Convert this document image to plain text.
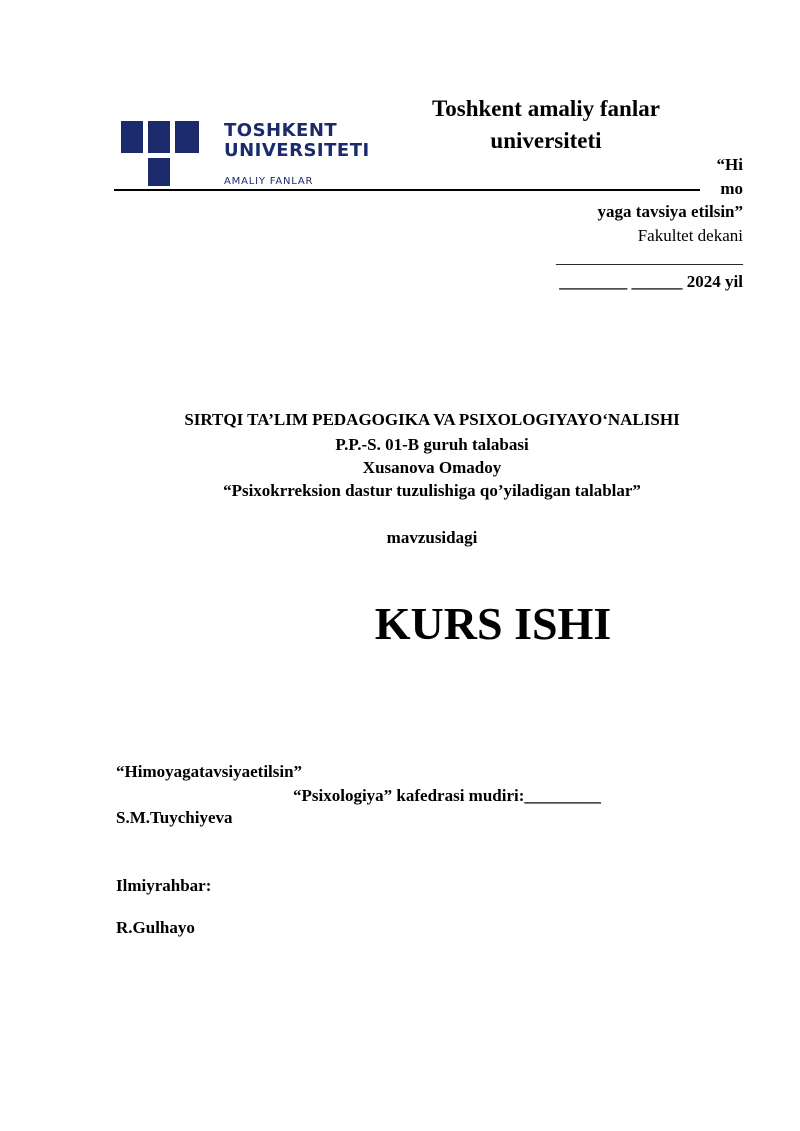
TOSHKENT
UNIVERSITETI
AMALIY FANLAR
Toshkent amaliy fanlar
universiteti
“Hi
mo
yaga tavsiya etilsin”
Fakultet dekani
______________________
________ ______ 2024 yil
SIRTQI TA’LIM PEDAGOGIKA VA PSIXOLOGIYAYO‘NALISHI
P.P.-S. 01-B guruh talabasi
Xusanova Omadoy
“Psixokrreksion dastur tuzulishiga qo’yiladigan talablar”
mavzusidagi
KURS ISHI
“Himoyagatavsiyaetilsin”
“Psixologiya” kafedrasi mudiri:_________
S.M.Tuychiyeva
Ilmiyrahbar:
R.Gulhayo
